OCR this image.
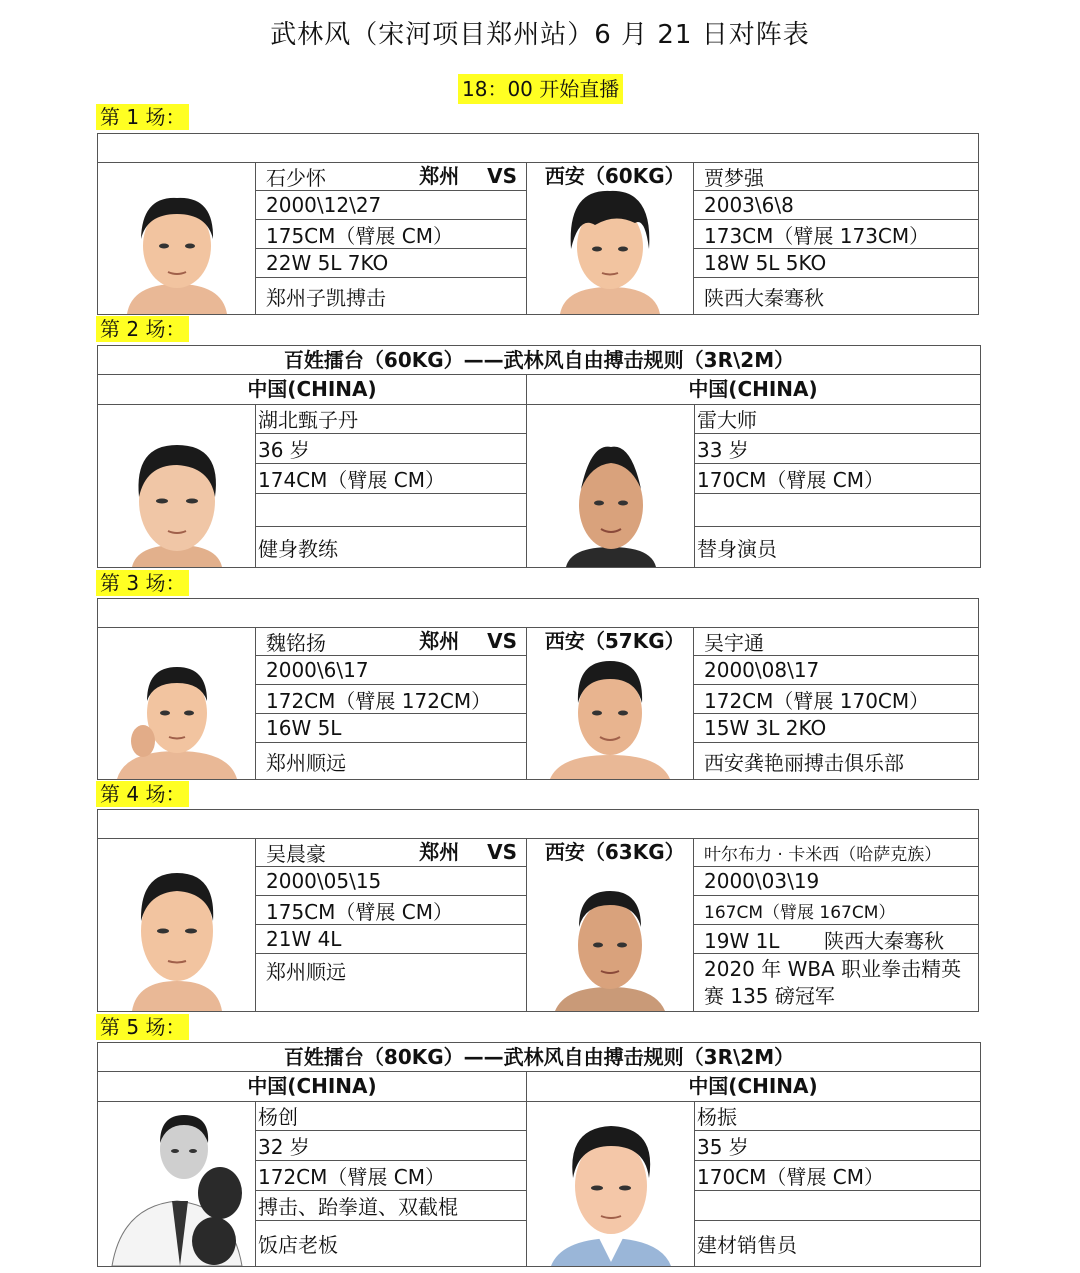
武林风（宋河项目郑州站）6 月 21 日对阵表
18：00 开始直播
第 1 场：

郑州 VS 西安（60KG）

石少怀
2000\12\27
175CM（臂展 CM）
22W 5L 7KO
郑州子凯搏击
贾梦强
2003\6\8
173CM（臂展 173CM）
18W 5L 5KO
陕西大秦骞秋
第 2 场：
百姓擂台（60KG）——武林风自由搏击规则（3R\2M）
中国(CHINA)	中国(CHINA)
湖北甄子丹
36 岁
174CM（臂展 CM）
健身教练
雷大师
33 岁
170CM（臂展 CM）
替身演员
第 3 场：

郑州 VS 西安（57KG）

魏铭扬
2000\6\17
172CM（臂展 172CM）
16W 5L
郑州顺远
吴宇通
2000\08\17
172CM（臂展 170CM）
15W 3L 2KO
西安龚艳丽搏击俱乐部
第 4 场：

郑州 VS 西安（63KG）

吴晨豪
2000\05\15
175CM（臂展 CM）
21W 4L
郑州顺远
叶尔布力 · 卡米西（哈萨克族）
2000\03\19
167CM（臂展 167CM）
19W 1L       陕西大秦骞秋
2020 年 WBA 职业拳击精英赛 135 磅冠军
第 5 场：
百姓擂台（80KG）——武林风自由搏击规则（3R\2M）
中国(CHINA)	中国(CHINA)
杨创
32 岁
172CM（臂展 CM）
搏击、跆拳道、双截棍
饭店老板
杨振
35 岁
170CM（臂展 CM）
建材销售员
